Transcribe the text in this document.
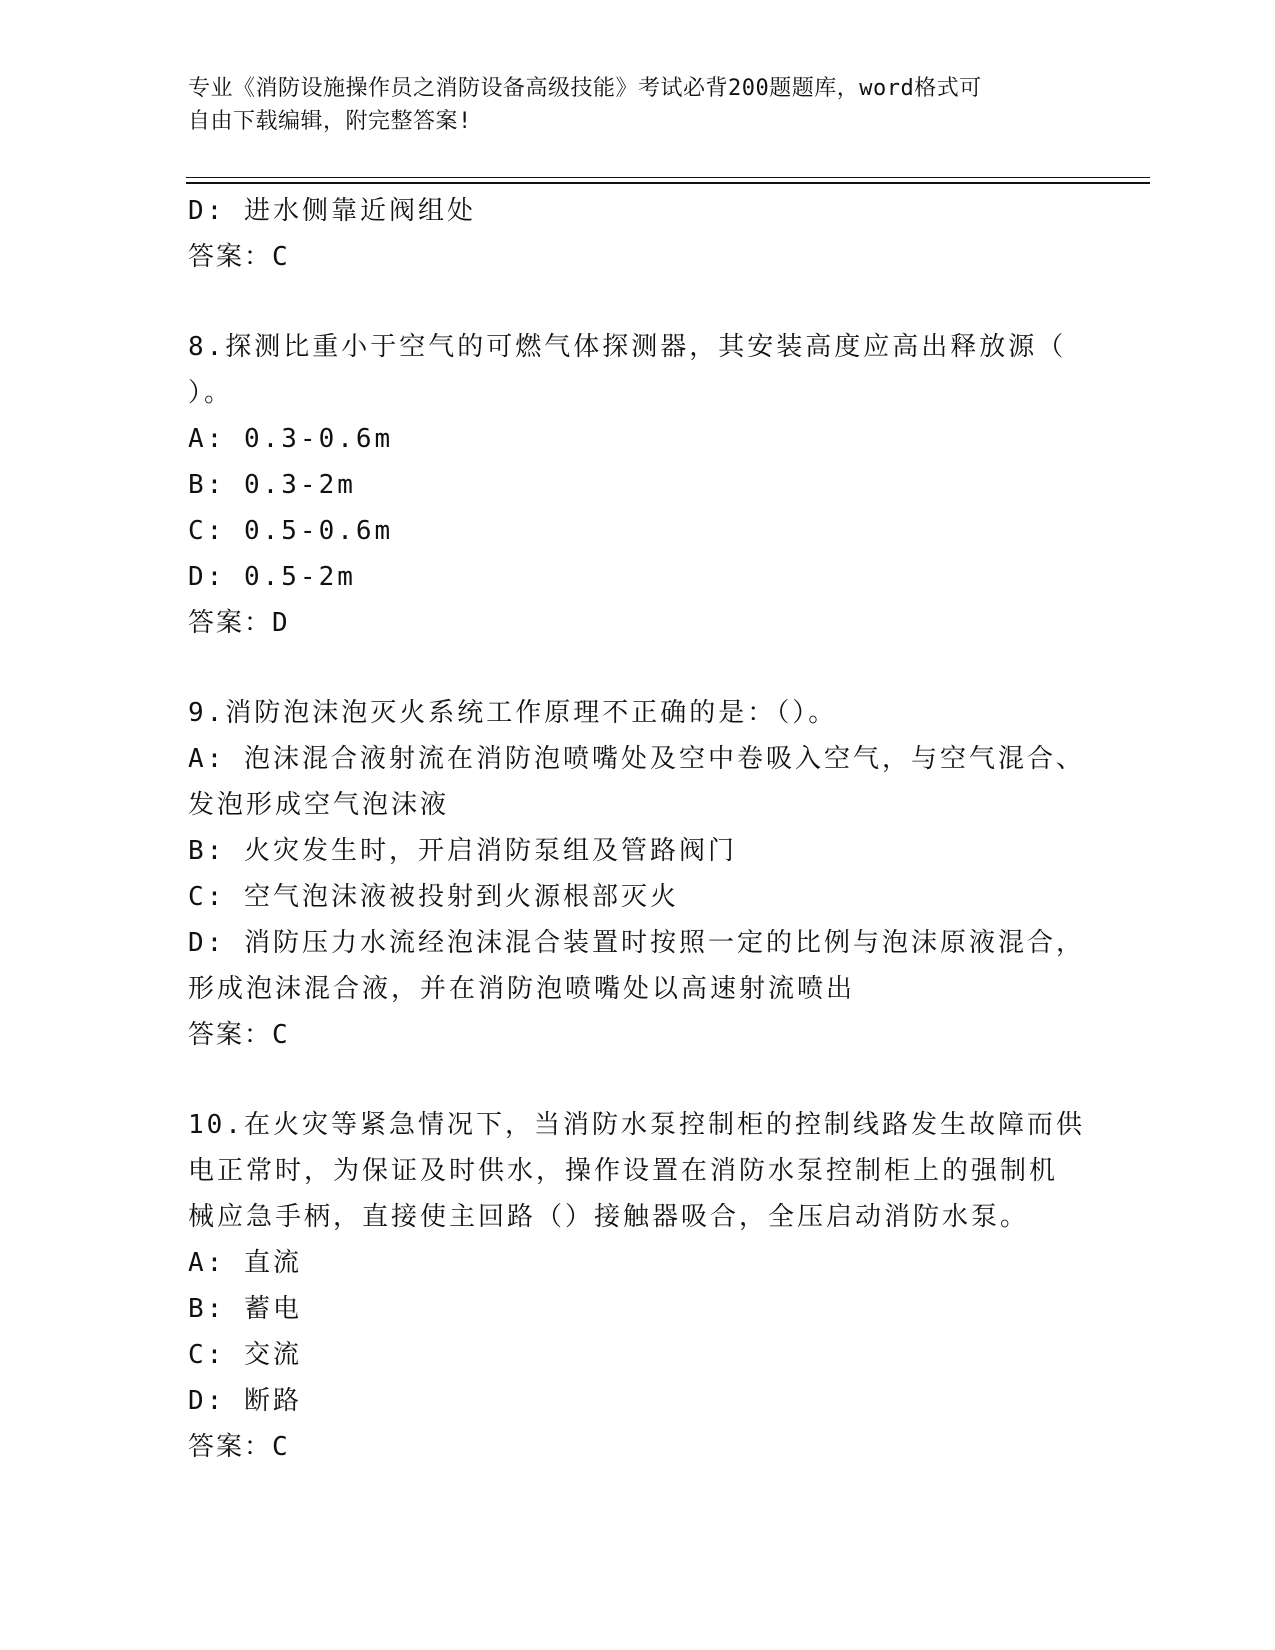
专业《消防设施操作员之消防设备高级技能》考试必背200题题库，word格式可
自由下载编辑，附完整答案!
D: 进水侧靠近阀组处
答案：C
8.探测比重小于空气的可燃气体探测器，其安装高度应高出释放源（
）。
A: 0.3-0.6m
B: 0.3-2m
C: 0.5-0.6m
D: 0.5-2m
答案：D
9.消防泡沫泡灭火系统工作原理不正确的是：（）。
A: 泡沫混合液射流在消防泡喷嘴处及空中卷吸入空气，与空气混合、
发泡形成空气泡沫液
B: 火灾发生时，开启消防泵组及管路阀门
C: 空气泡沫液被投射到火源根部灭火
D: 消防压力水流经泡沫混合装置时按照一定的比例与泡沫原液混合，
形成泡沫混合液，并在消防泡喷嘴处以高速射流喷出
答案：C
10.在火灾等紧急情况下，当消防水泵控制柜的控制线路发生故障而供
电正常时，为保证及时供水，操作设置在消防水泵控制柜上的强制机
械应急手柄，直接使主回路（）接触器吸合，全压启动消防水泵。
A: 直流
B: 蓄电
C: 交流
D: 断路
答案：C
